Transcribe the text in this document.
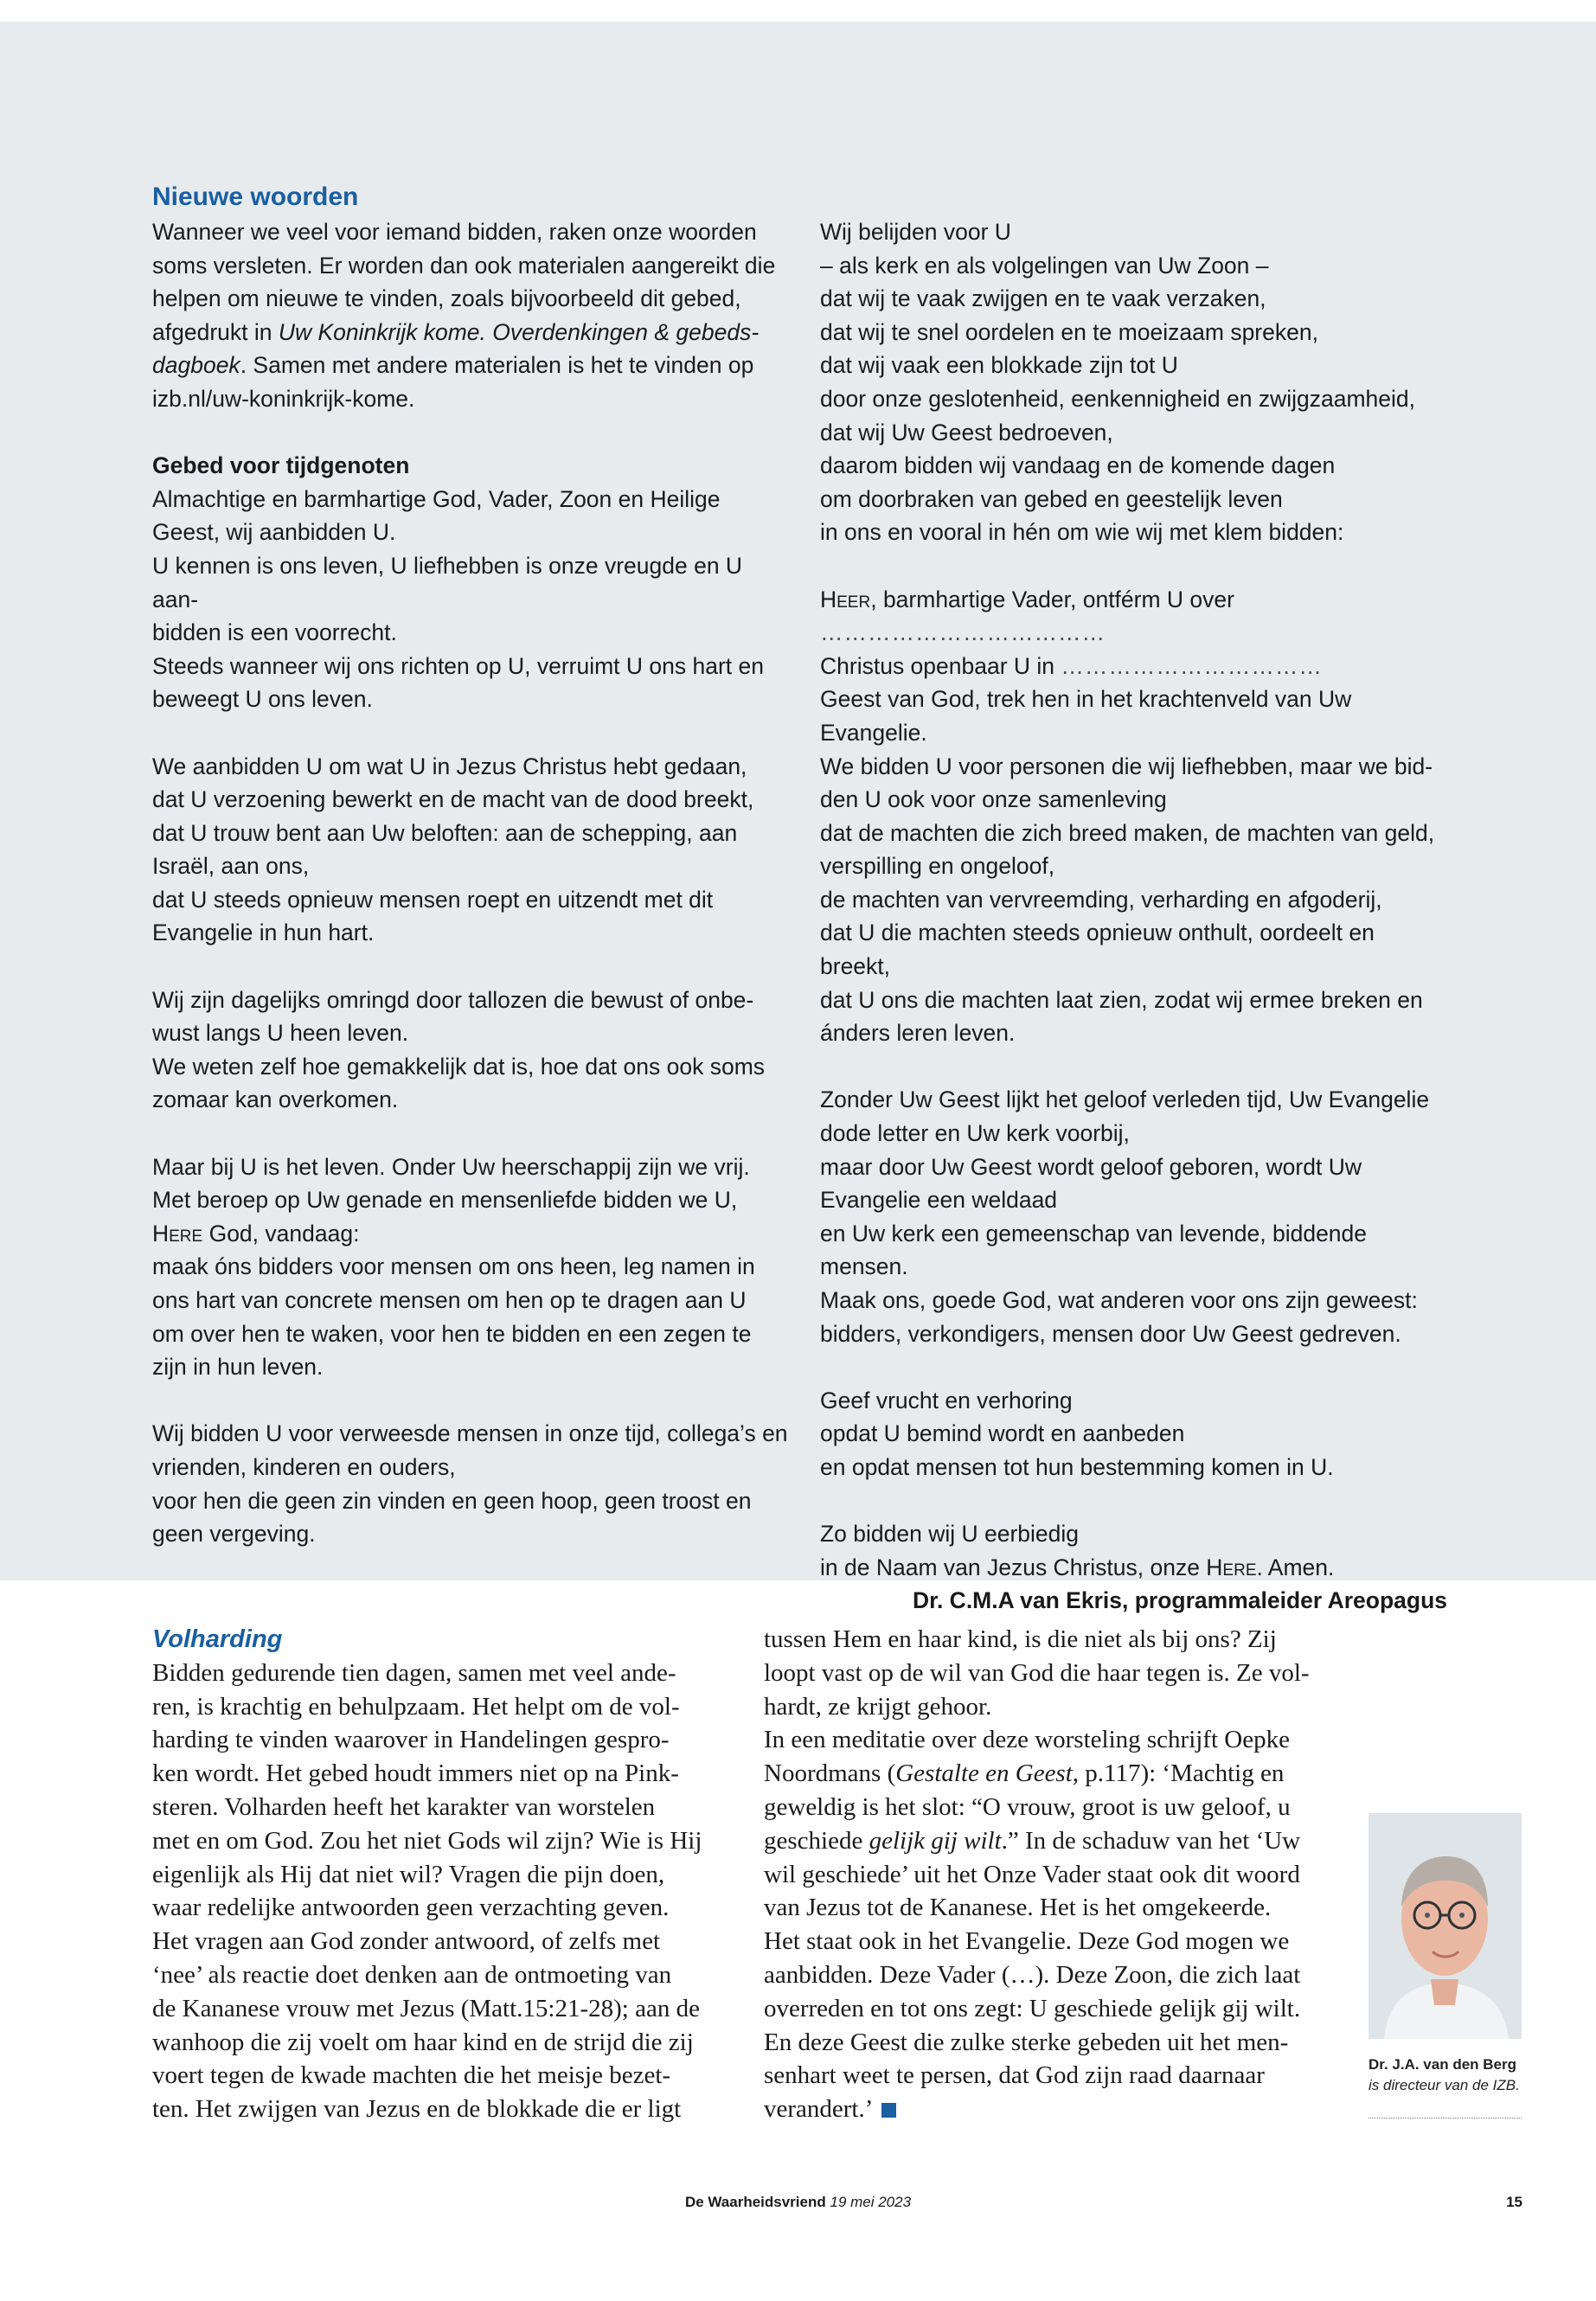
Nieuwe woorden

Wanneer we veel voor iemand bidden, raken onze woorden

soms versleten. Er worden dan ook materialen aangereikt die

helpen om nieuwe te vinden, zoals bijvoorbeeld dit gebed,

afgedrukt in Uw Koninkrijk kome. Overdenkingen & gebeds-

dagboek. Samen met andere materialen is het te vinden op

izb.nl/uw-koninkrijk-kome.

Gebed voor tijdgenoten

Almachtige en barmhartige God, Vader, Zoon en Heilige

Geest, wij aanbidden U.

U kennen is ons leven, U liefhebben is onze vreugde en U aan-

bidden is een voorrecht.

Steeds wanneer wij ons richten op U, verruimt U ons hart en

beweegt U ons leven.

We aanbidden U om wat U in Jezus Christus hebt gedaan,

dat U verzoening bewerkt en de macht van de dood breekt,

dat U trouw bent aan Uw beloften: aan de schepping, aan

Israël, aan ons,

dat U steeds opnieuw mensen roept en uitzendt met dit

Evangelie in hun hart.

Wij zijn dagelijks omringd door tallozen die bewust of onbe-

wust langs U heen leven.

We weten zelf hoe gemakkelijk dat is, hoe dat ons ook soms

zomaar kan overkomen.

Maar bij U is het leven. Onder Uw heerschappij zijn we vrij.

Met beroep op Uw genade en mensenliefde bidden we U,

Here God, vandaag:

maak óns bidders voor mensen om ons heen, leg namen in

ons hart van concrete mensen om hen op te dragen aan U

om over hen te waken, voor hen te bidden en een zegen te

zijn in hun leven.

Wij bidden U voor verweesde mensen in onze tijd, collega’s en

vrienden, kinderen en ouders,

voor hen die geen zin vinden en geen hoop, geen troost en

geen vergeving.

Wij belijden voor U

– als kerk en als volgelingen van Uw Zoon –

dat wij te vaak zwijgen en te vaak verzaken,

dat wij te snel oordelen en te moeizaam spreken,

dat wij vaak een blokkade zijn tot U

door onze geslotenheid, eenkennigheid en zwijgzaamheid,

dat wij Uw Geest bedroeven,

daarom bidden wij vandaag en de komende dagen

om doorbraken van gebed en geestelijk leven

in ons en vooral in hén om wie wij met klem bidden:

Heer, barmhartige Vader, ontférm U over ………………………………

Christus openbaar U in ……………………………

Geest van God, trek hen in het krachtenveld van Uw Evangelie.

We bidden U voor personen die wij liefhebben, maar we bid-

den U ook voor onze samenleving

dat de machten die zich breed maken, de machten van geld,

verspilling en ongeloof,

de machten van vervreemding, verharding en afgoderij,

dat U die machten steeds opnieuw onthult, oordeelt en

breekt,

dat U ons die machten laat zien, zodat wij ermee breken en

ánders leren leven.

Zonder Uw Geest lijkt het geloof verleden tijd, Uw Evangelie

dode letter en Uw kerk voorbij,

maar door Uw Geest wordt geloof geboren, wordt Uw

Evangelie een weldaad

en Uw kerk een gemeenschap van levende, biddende mensen.

Maak ons, goede God, wat anderen voor ons zijn geweest:

bidders, verkondigers, mensen door Uw Geest gedreven.

Geef vrucht en verhoring

opdat U bemind wordt en aanbeden

en opdat mensen tot hun bestemming komen in U.

Zo bidden wij U eerbiedig

in de Naam van Jezus Christus, onze Here. Amen.

Dr. C.M.A van Ekris, programmaleider Areopagus

Volharding

Bidden gedurende tien dagen, samen met veel ande-

ren, is krachtig en behulpzaam. Het helpt om de vol-

harding te vinden waarover in Handelingen gespro-

ken wordt. Het gebed houdt immers niet op na Pink-

steren. Volharden heeft het karakter van worstelen

met en om God. Zou het niet Gods wil zijn? Wie is Hij

eigenlijk als Hij dat niet wil? Vragen die pijn doen,

waar redelijke antwoorden geen verzachting geven.

Het vragen aan God zonder antwoord, of zelfs met

‘nee’ als reactie doet denken aan de ontmoeting van

de Kananese vrouw met Jezus (Matt.15:21-28); aan de

wanhoop die zij voelt om haar kind en de strijd die zij

voert tegen de kwade machten die het meisje bezet-

ten. Het zwijgen van Jezus en de blokkade die er ligt

tussen Hem en haar kind, is die niet als bij ons? Zij

loopt vast op de wil van God die haar tegen is. Ze vol-

hardt, ze krijgt gehoor.

In een meditatie over deze worsteling schrijft Oepke

Noordmans (Gestalte en Geest, p.117): ‘Machtig en

geweldig is het slot: “O vrouw, groot is uw geloof, u

geschiede gelijk gij wilt.” In de schaduw van het ‘Uw

wil geschiede’ uit het Onze Vader staat ook dit woord

van Jezus tot de Kananese. Het is het omgekeerde.

Het staat ook in het Evangelie. Deze God mogen we

aanbidden. Deze Vader (…). Deze Zoon, die zich laat

overreden en tot ons zegt: U geschiede gelijk gij wilt.

En deze Geest die zulke sterke gebeden uit het men-

senhart weet te persen, dat God zijn raad daarnaar

verandert.’

Dr. J.A. van den Berg
is directeur van de IZB.
De Waarheidsvriend 19 mei 2023	15
